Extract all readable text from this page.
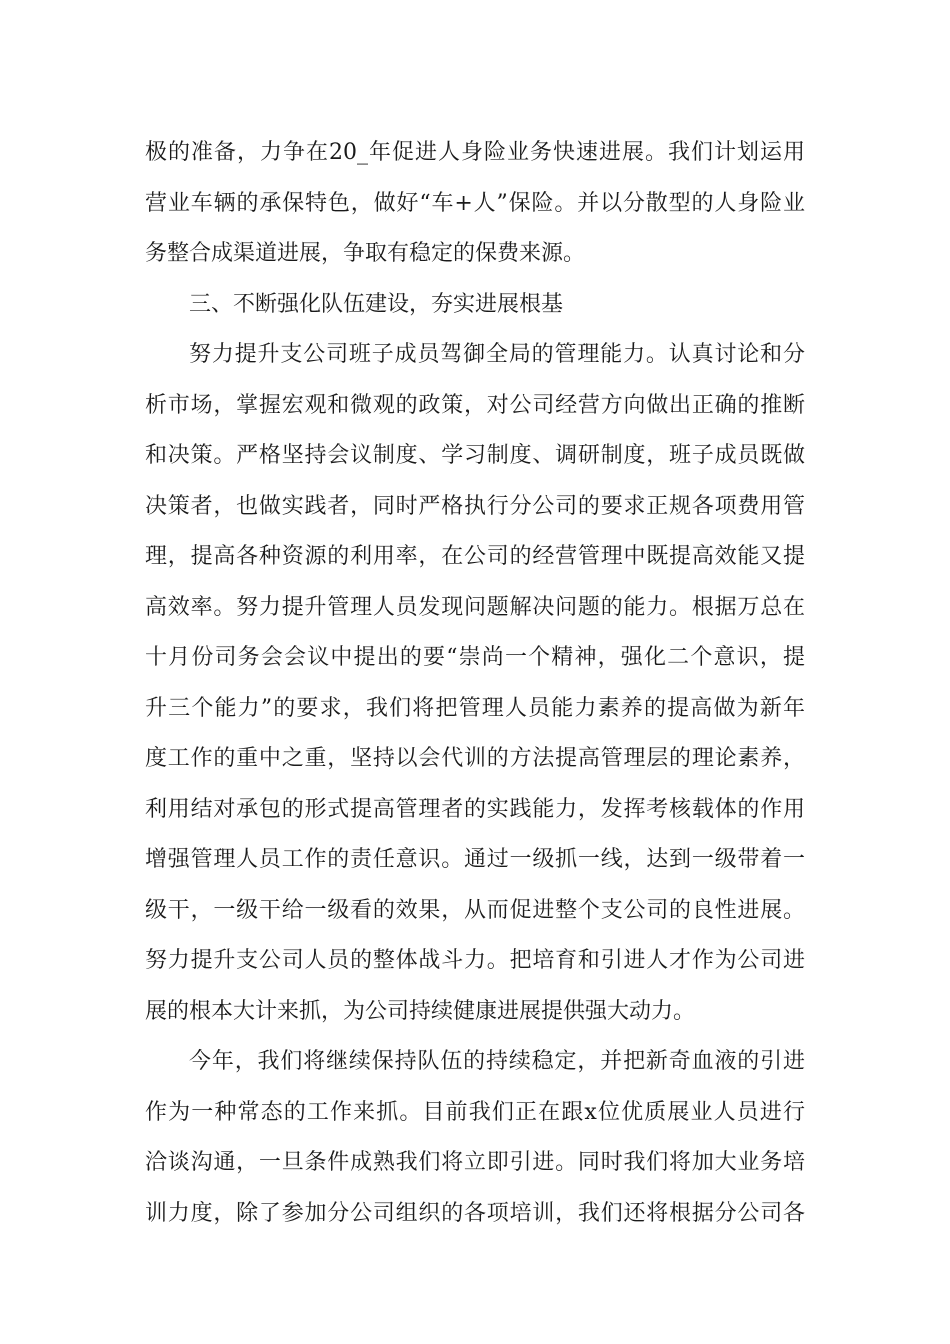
极的准备，力争在20_年促进人身险业务快速进展。我们计划运用
营业车辆的承保特色，做好“车+人”保险。并以分散型的人身险业
务整合成渠道进展，争取有稳定的保费来源。
三、不断强化队伍建设，夯实进展根基
努力提升支公司班子成员驾御全局的管理能力。认真讨论和分
析市场，掌握宏观和微观的政策，对公司经营方向做出正确的推断
和决策。严格坚持会议制度、学习制度、调研制度，班子成员既做
决策者，也做实践者，同时严格执行分公司的要求正规各项费用管
理，提高各种资源的利用率，在公司的经营管理中既提高效能又提
高效率。努力提升管理人员发现问题解决问题的能力。根据万总在
十月份司务会会议中提出的要“崇尚一个精神，强化二个意识，提
升三个能力”的要求，我们将把管理人员能力素养的提高做为新年
度工作的重中之重，坚持以会代训的方法提高管理层的理论素养，
利用结对承包的形式提高管理者的实践能力，发挥考核载体的作用
增强管理人员工作的责任意识。通过一级抓一线，达到一级带着一
级干，一级干给一级看的效果，从而促进整个支公司的良性进展。
努力提升支公司人员的整体战斗力。把培育和引进人才作为公司进
展的根本大计来抓，为公司持续健康进展提供强大动力。
今年，我们将继续保持队伍的持续稳定，并把新奇血液的引进
作为一种常态的工作来抓。目前我们正在跟x位优质展业人员进行
洽谈沟通，一旦条件成熟我们将立即引进。同时我们将加大业务培
训力度，除了参加分公司组织的各项培训，我们还将根据分公司各
